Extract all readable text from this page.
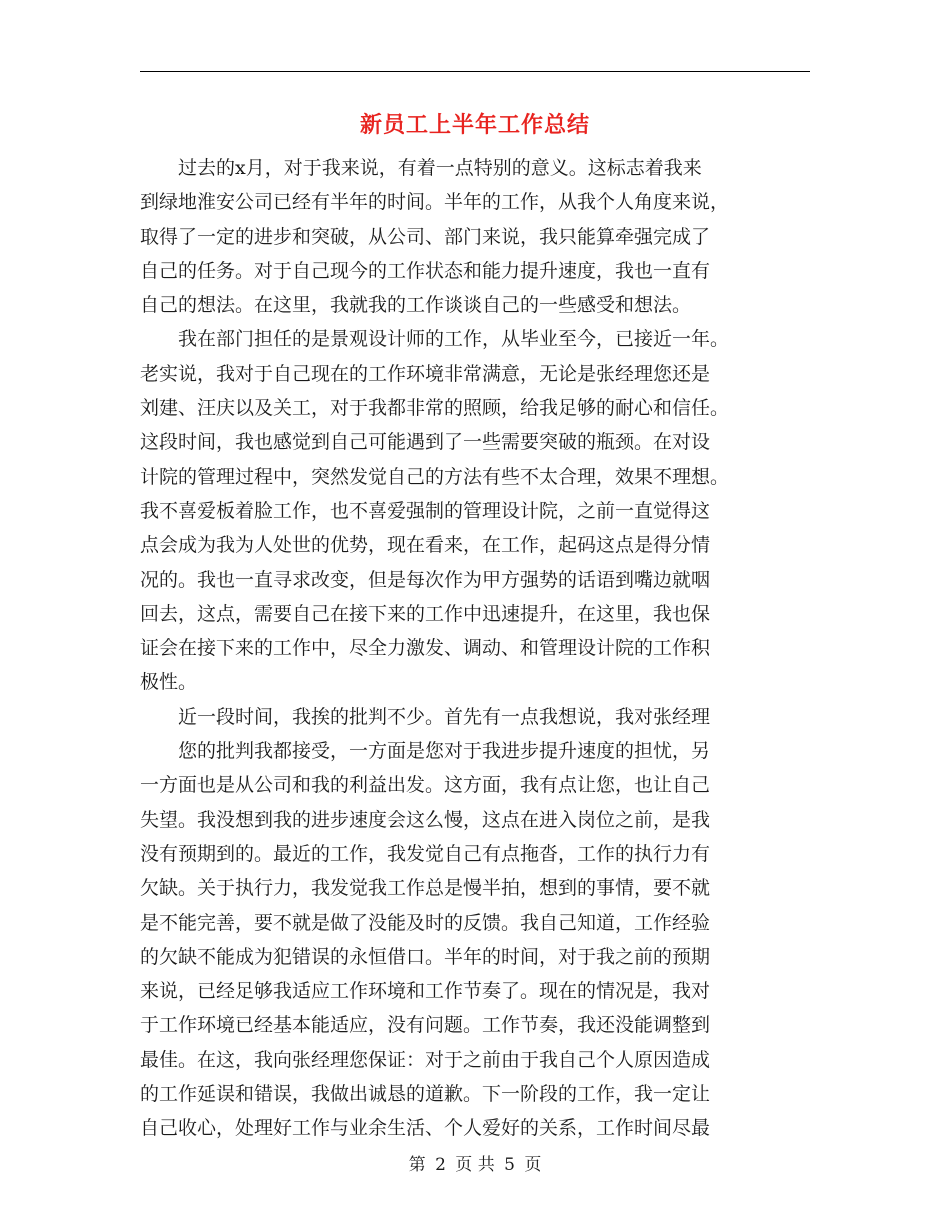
新员工上半年工作总结

过去的x月，对于我来说，有着一点特别的意义。这标志着我来
到绿地淮安公司已经有半年的时间。半年的工作，从我个人角度来说，
取得了一定的进步和突破，从公司、部门来说，我只能算牵强完成了
自己的任务。对于自己现今的工作状态和能力提升速度，我也一直有
自己的想法。在这里，我就我的工作谈谈自己的一些感受和想法。

我在部门担任的是景观设计师的工作，从毕业至今，已接近一年。
老实说，我对于自己现在的工作环境非常满意，无论是张经理您还是
刘建、汪庆以及关工，对于我都非常的照顾，给我足够的耐心和信任。
这段时间，我也感觉到自己可能遇到了一些需要突破的瓶颈。在对设
计院的管理过程中，突然发觉自己的方法有些不太合理，效果不理想。
我不喜爱板着脸工作，也不喜爱强制的管理设计院，之前一直觉得这
点会成为我为人处世的优势，现在看来，在工作，起码这点是得分情
况的。我也一直寻求改变，但是每次作为甲方强势的话语到嘴边就咽
回去，这点，需要自己在接下来的工作中迅速提升，在这里，我也保
证会在接下来的工作中，尽全力激发、调动、和管理设计院的工作积
极性。

近一段时间，我挨的批判不少。首先有一点我想说，我对张经理
您的批判我都接受，一方面是您对于我进步提升速度的担忧，另
一方面也是从公司和我的利益出发。这方面，我有点让您，也让自己
失望。我没想到我的进步速度会这么慢，这点在进入岗位之前，是我
没有预期到的。最近的工作，我发觉自己有点拖沓，工作的执行力有
欠缺。关于执行力，我发觉我工作总是慢半拍，想到的事情，要不就
是不能完善，要不就是做了没能及时的反馈。我自己知道，工作经验
的欠缺不能成为犯错误的永恒借口。半年的时间，对于我之前的预期
来说，已经足够我适应工作环境和工作节奏了。现在的情况是，我对
于工作环境已经基本能适应，没有问题。工作节奏，我还没能调整到
最佳。在这，我向张经理您保证：对于之前由于我自己个人原因造成
的工作延误和错误，我做出诚恳的道歉。下一阶段的工作，我一定让
自己收心，处理好工作与业余生活、个人爱好的关系，工作时间尽最

第 2 页 共 5 页
